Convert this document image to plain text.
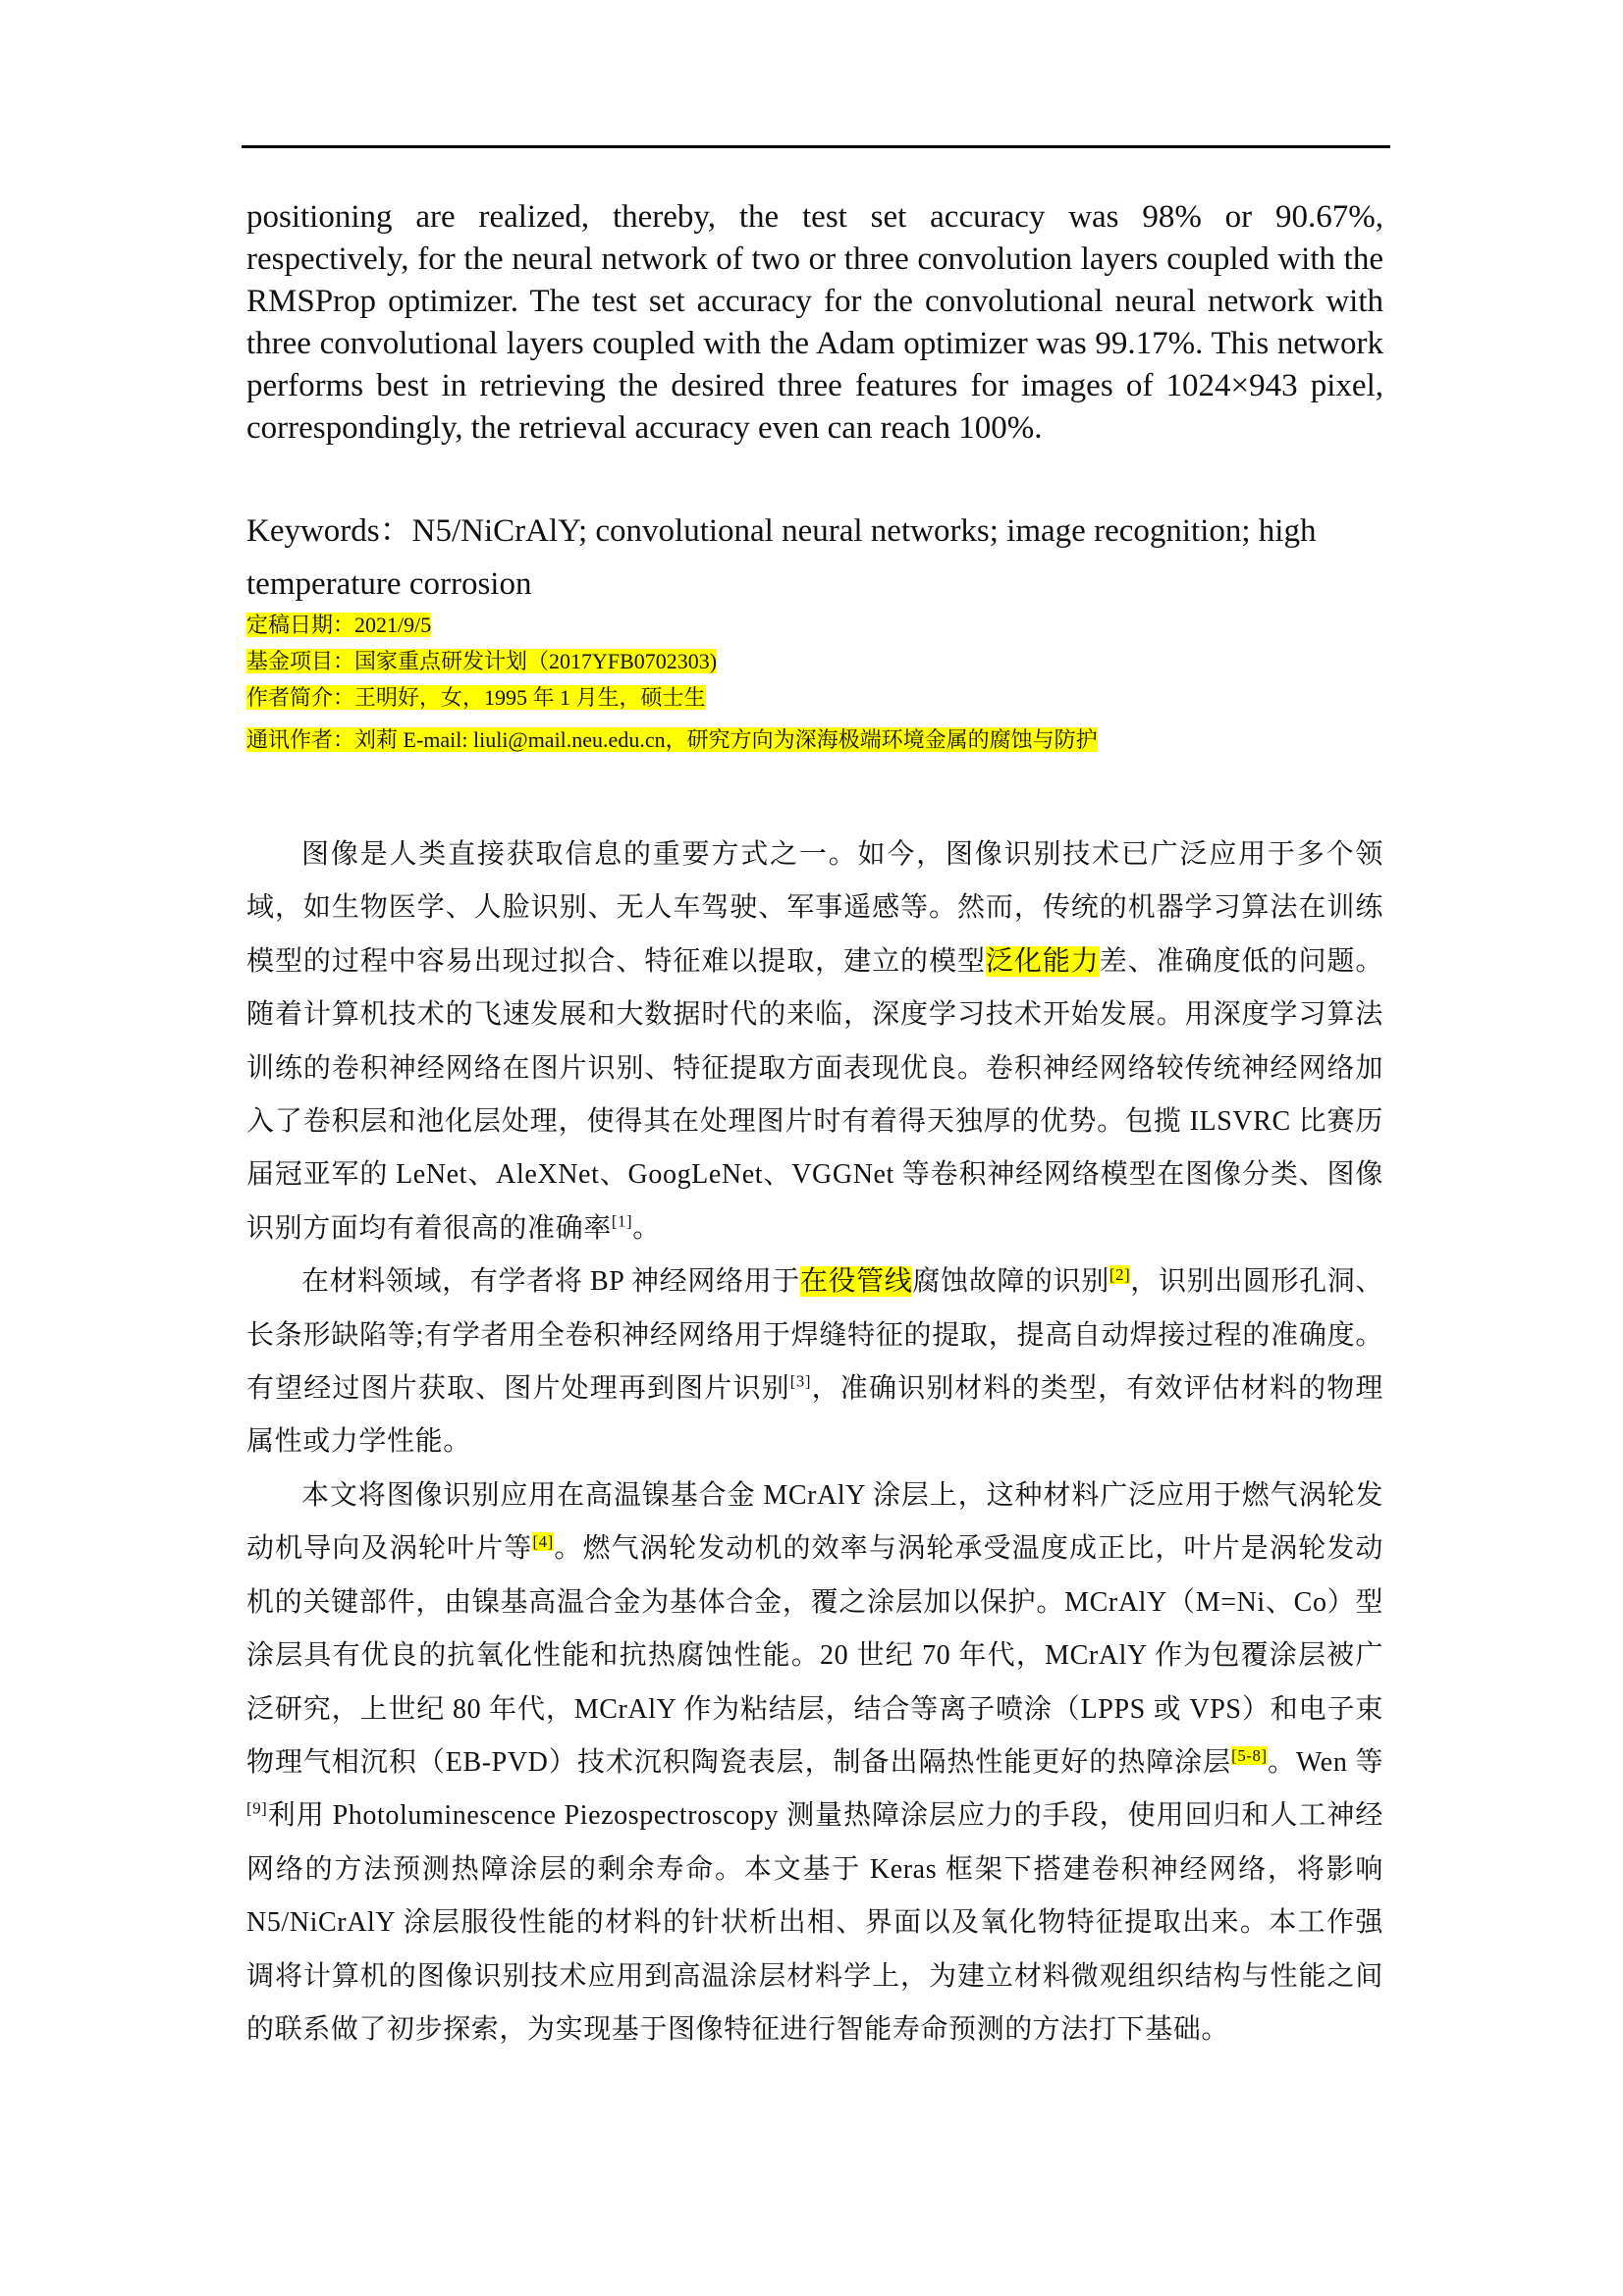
positioning are realized, thereby, the test set accuracy was 98% or 90.67%, respectively, for the neural network of two or three convolution layers coupled with the RMSProp optimizer. The test set accuracy for the convolutional neural network with three convolutional layers coupled with the Adam optimizer was 99.17%. This network performs best in retrieving the desired three features for images of 1024×943 pixel, correspondingly, the retrieval accuracy even can reach 100%.

Keywords：N5/NiCrAlY; convolutional neural networks; image recognition; high temperature corrosion

定稿日期：2021/9/5
基金项目：国家重点研发计划（2017YFB0702303)
作者简介：王明好，女，1995 年 1 月生，硕士生
通讯作者：刘莉 E-mail: liuli@mail.neu.edu.cn，研究方向为深海极端环境金属的腐蚀与防护

图像是人类直接获取信息的重要方式之一。如今，图像识别技术已广泛应用于多个领域，如生物医学、人脸识别、无人车驾驶、军事遥感等。然而，传统的机器学习算法在训练模型的过程中容易出现过拟合、特征难以提取，建立的模型泛化能力差、准确度低的问题。随着计算机技术的飞速发展和大数据时代的来临，深度学习技术开始发展。用深度学习算法训练的卷积神经网络在图片识别、特征提取方面表现优良。卷积神经网络较传统神经网络加入了卷积层和池化层处理，使得其在处理图片时有着得天独厚的优势。包揽 ILSVRC 比赛历届冠亚军的 LeNet、AleXNet、GoogLeNet、VGGNet 等卷积神经网络模型在图像分类、图像识别方面均有着很高的准确率[1]。

在材料领域，有学者将 BP 神经网络用于在役管线腐蚀故障的识别[2]，识别出圆形孔洞、长条形缺陷等;有学者用全卷积神经网络用于焊缝特征的提取，提高自动焊接过程的准确度。有望经过图片获取、图片处理再到图片识别[3]，准确识别材料的类型，有效评估材料的物理属性或力学性能。

本文将图像识别应用在高温镍基合金 MCrAlY 涂层上，这种材料广泛应用于燃气涡轮发动机导向及涡轮叶片等[4]。燃气涡轮发动机的效率与涡轮承受温度成正比，叶片是涡轮发动机的关键部件，由镍基高温合金为基体合金，覆之涂层加以保护。MCrAlY（M=Ni、Co）型涂层具有优良的抗氧化性能和抗热腐蚀性能。20 世纪 70 年代，MCrAlY 作为包覆涂层被广泛研究，上世纪 80 年代，MCrAlY 作为粘结层，结合等离子喷涂（LPPS 或 VPS）和电子束物理气相沉积（EB-PVD）技术沉积陶瓷表层，制备出隔热性能更好的热障涂层[5-8]。Wen 等[9]利用 Photoluminescence Piezospectroscopy 测量热障涂层应力的手段，使用回归和人工神经网络的方法预测热障涂层的剩余寿命。本文基于 Keras 框架下搭建卷积神经网络，将影响 N5/NiCrAlY 涂层服役性能的材料的针状析出相、界面以及氧化物特征提取出来。本工作强调将计算机的图像识别技术应用到高温涂层材料学上，为建立材料微观组织结构与性能之间的联系做了初步探索，为实现基于图像特征进行智能寿命预测的方法打下基础。
